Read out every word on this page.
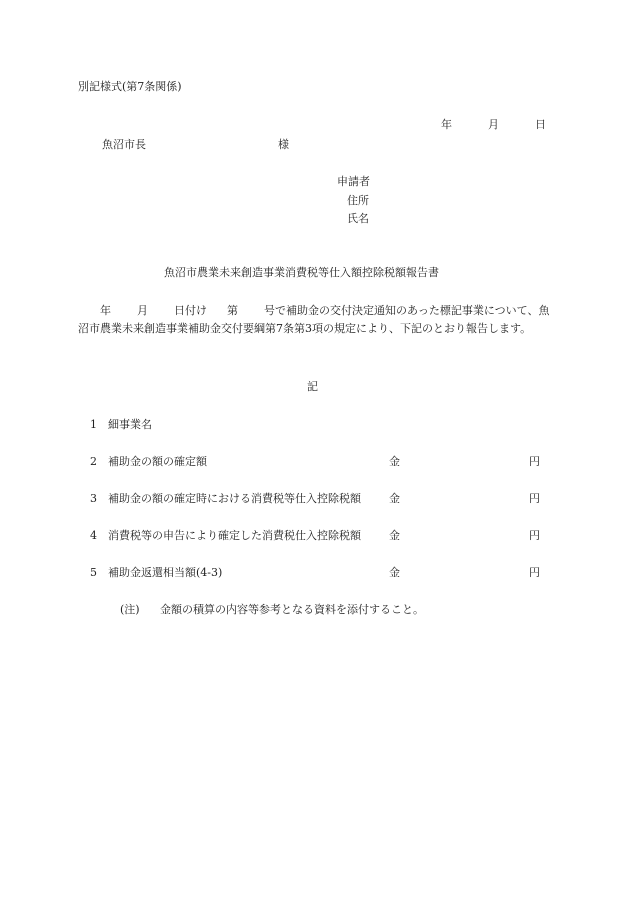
別記様式(第7条関係)
年	月	日
魚沼市長	様
申請者
住所
氏名
魚沼市農業未来創造事業消費税等仕入額控除税額報告書
年 月 日付け 第 号で補助金の交付決定通知のあった標記事業について、魚沼市農業未来創造事業補助金交付要綱第7条第3項の規定により、下記のとおり報告します。
記
1 細事業名
2 補助金の額の確定額	金	円
3 補助金の額の確定時における消費税等仕入控除税額	金	円
4 消費税等の申告により確定した消費税仕入控除税額	金	円
5 補助金返還相当額(4-3)	金	円
(注) 金額の積算の内容等参考となる資料を添付すること。
